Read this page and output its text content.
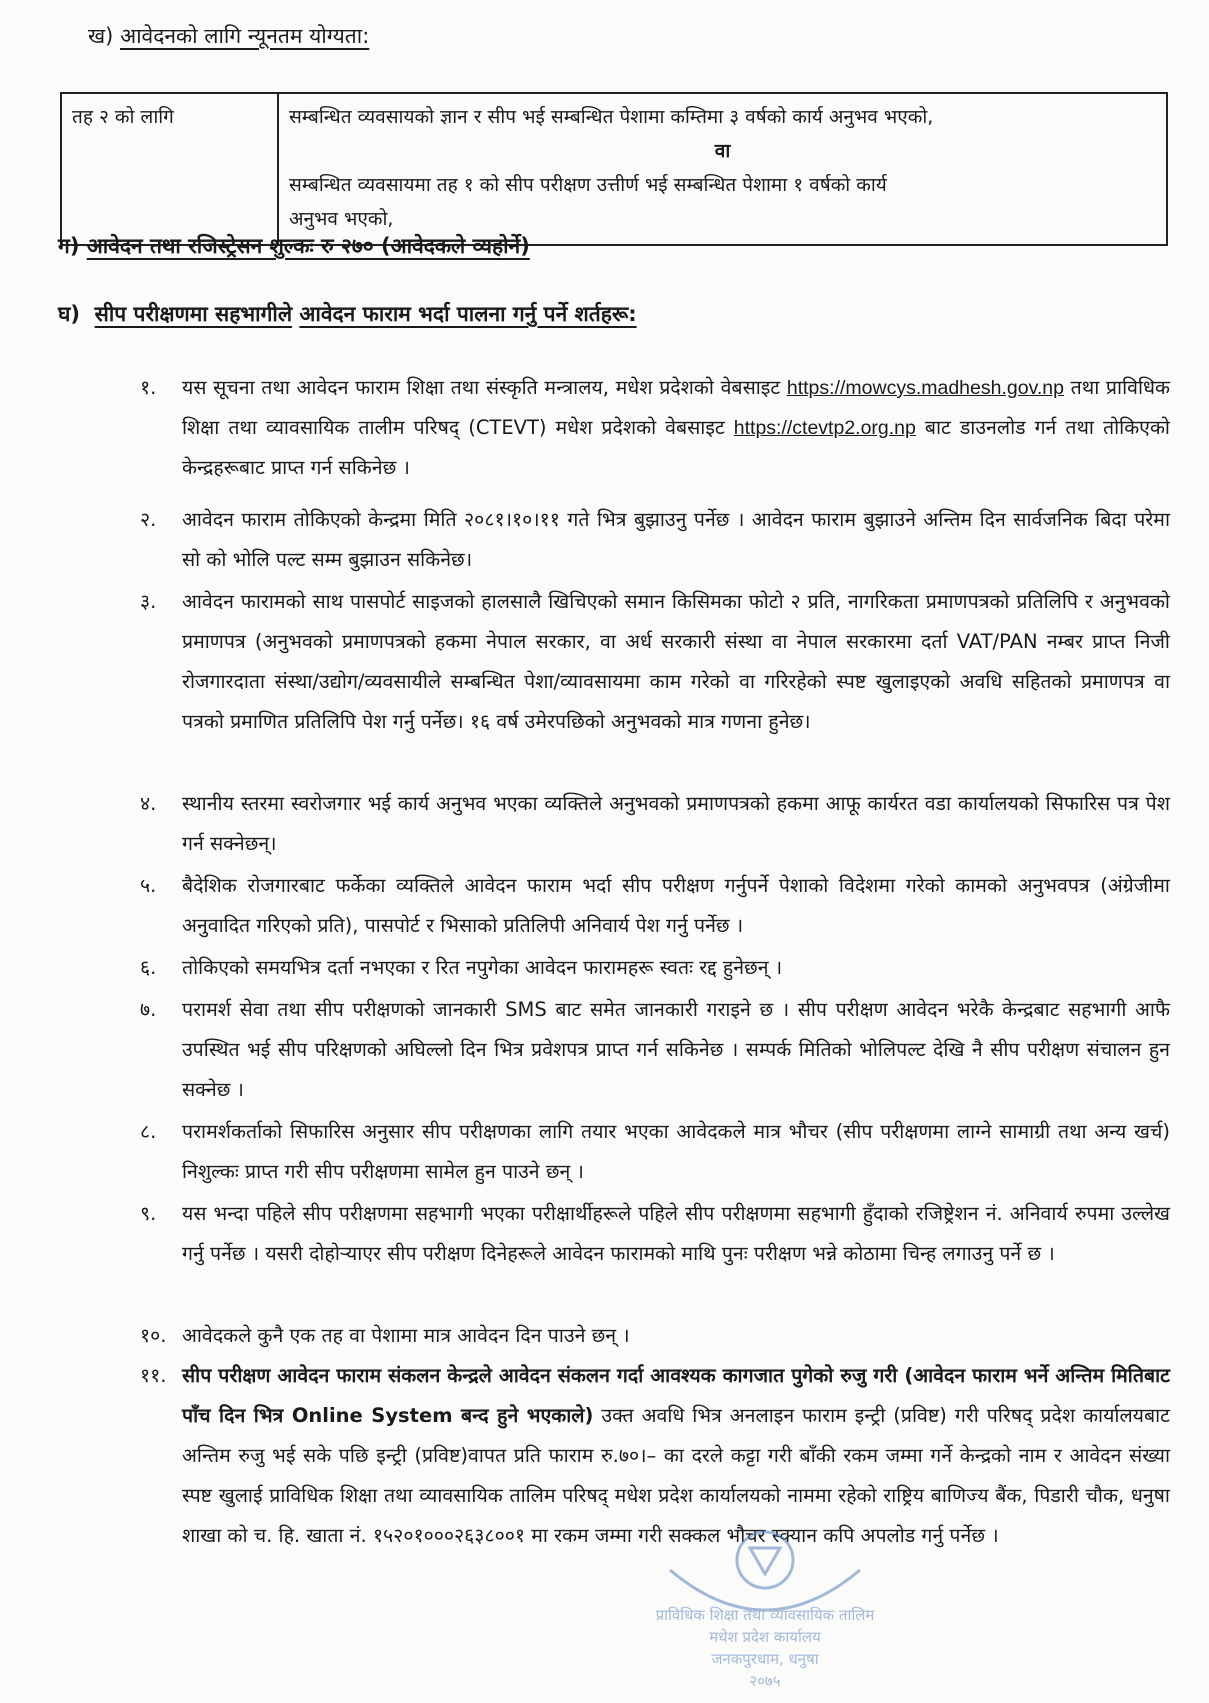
ख) आवेदनको लागि न्यूनतम योग्यता:
तह २ को लागि	सम्बन्धित व्यवसायको ज्ञान र सीप भई सम्बन्धित पेशामा कम्तिमा ३ वर्षको कार्य अनुभव भएको,
वा
सम्बन्धित व्यवसायमा तह १ को सीप परीक्षण उत्तीर्ण भई सम्बन्धित पेशामा १ वर्षको कार्य
अनुभव भएको,
ग) आवेदन तथा रजिस्ट्रेसन शुल्कः रु २७० (आवेदकले व्यहोर्ने)
घ) सीप परीक्षणमा सहभागीले आवेदन फाराम भर्दा पालना गर्नु पर्ने शर्तहरू:
१.	यस सूचना तथा आवेदन फाराम शिक्षा तथा संस्कृति मन्त्रालय, मधेश प्रदेशको वेबसाइट https://mowcys.madhesh.gov.np तथा प्राविधिक शिक्षा तथा व्यावसायिक तालीम परिषद् (CTEVT) मधेश प्रदेशको वेबसाइट https://ctevtp2.org.np बाट डाउनलोड गर्न तथा तोकिएको केन्द्रहरूबाट प्राप्त गर्न सकिनेछ ।
२.	आवेदन फाराम तोकिएको केन्द्रमा मिति २०८१।१०।११ गते भित्र बुझाउनु पर्नेछ । आवेदन फाराम बुझाउने अन्तिम दिन सार्वजनिक बिदा परेमा सो को भोलि पल्ट सम्म बुझाउन सकिनेछ।
३.	आवेदन फारामको साथ पासपोर्ट साइजको हालसालै खिचिएको समान किसिमका फोटो २ प्रति, नागरिकता प्रमाणपत्रको प्रतिलिपि र अनुभवको प्रमाणपत्र (अनुभवको प्रमाणपत्रको हकमा नेपाल सरकार, वा अर्ध सरकारी संस्था वा नेपाल सरकारमा दर्ता VAT/PAN नम्बर प्राप्त निजी रोजगारदाता संस्था/उद्योग/व्यवसायीले सम्बन्धित पेशा/व्यावसायमा काम गरेको वा गरिरहेको स्पष्ट खुलाइएको अवधि सहितको प्रमाणपत्र वा पत्रको प्रमाणित प्रतिलिपि पेश गर्नु पर्नेछ। १६ वर्ष उमेरपछिको अनुभवको मात्र गणना हुनेछ।
४.	स्थानीय स्तरमा स्वरोजगार भई कार्य अनुभव भएका व्यक्तिले अनुभवको प्रमाणपत्रको हकमा आफू कार्यरत वडा कार्यालयको सिफारिस पत्र पेश गर्न सक्नेछन्।
५.	बैदेशिक रोजगारबाट फर्केका व्यक्तिले आवेदन फाराम भर्दा सीप परीक्षण गर्नुपर्ने पेशाको विदेशमा गरेको कामको अनुभवपत्र (अंग्रेजीमा अनुवादित गरिएको प्रति), पासपोर्ट र भिसाको प्रतिलिपी अनिवार्य पेश गर्नु पर्नेछ ।
६.	तोकिएको समयभित्र दर्ता नभएका र रित नपुगेका आवेदन फारामहरू स्वतः रद्द हुनेछन् ।
७.	परामर्श सेवा तथा सीप परीक्षणको जानकारी SMS बाट समेत जानकारी गराइने छ । सीप परीक्षण आवेदन भरेकै केन्द्रबाट सहभागी आफै उपस्थित भई सीप परिक्षणको अघिल्लो दिन भित्र प्रवेशपत्र प्राप्त गर्न सकिनेछ । सम्पर्क मितिको भोलिपल्ट देखि नै सीप परीक्षण संचालन हुन सक्नेछ ।
८.	परामर्शकर्ताको सिफारिस अनुसार सीप परीक्षणका लागि तयार भएका आवेदकले मात्र भौचर (सीप परीक्षणमा लाग्ने सामाग्री तथा अन्य खर्च) निशुल्कः प्राप्त गरी सीप परीक्षणमा सामेल हुन पाउने छन् ।
९.	यस भन्दा पहिले सीप परीक्षणमा सहभागी भएका परीक्षार्थीहरूले पहिले सीप परीक्षणमा सहभागी हुँदाको रजिष्ट्रेशन नं. अनिवार्य रुपमा उल्लेख गर्नु पर्नेछ । यसरी दोहोऱ्याएर सीप परीक्षण दिनेहरूले आवेदन फारामको माथि पुनः परीक्षण भन्ने कोठामा चिन्ह लगाउनु पर्ने छ ।
१०. आवेदकले कुनै एक तह वा पेशामा मात्र आवेदन दिन पाउने छन् ।
११. सीप परीक्षण आवेदन फाराम संकलन केन्द्रले आवेदन संकलन गर्दा आवश्यक कागजात पुगेको रुजु गरी (आवेदन फाराम भर्ने अन्तिम मितिबाट पाँच दिन भित्र Online System बन्द हुने भएकाले) उक्त अवधि भित्र अनलाइन फाराम इन्ट्री (प्रविष्ट) गरी परिषद् प्रदेश कार्यालयबाट अन्तिम रुजु भई सके पछि इन्ट्री (प्रविष्ट)वापत प्रति फाराम रु.७०।– का दरले कट्टा गरी बाँकी रकम जम्मा गर्ने केन्द्रको नाम र आवेदन संख्या स्पष्ट खुलाई प्राविधिक शिक्षा तथा व्यावसायिक तालिम परिषद् मधेश प्रदेश कार्यालयको नाममा रहेको राष्ट्रिय बाणिज्य बैंक, पिडारी चौक, धनुषा शाखा को च. हि. खाता नं. १५२०१०००२६३८००१ मा रकम जम्मा गरी सक्कल भौचर स्क्यान कपि अपलोड गर्नु पर्नेछ ।
प्राविधिक शिक्षा तथा व्यावसायिक तालिम
मधेश प्रदेश कार्यालय
जनकपुरधाम, धनुषा
२०७५
